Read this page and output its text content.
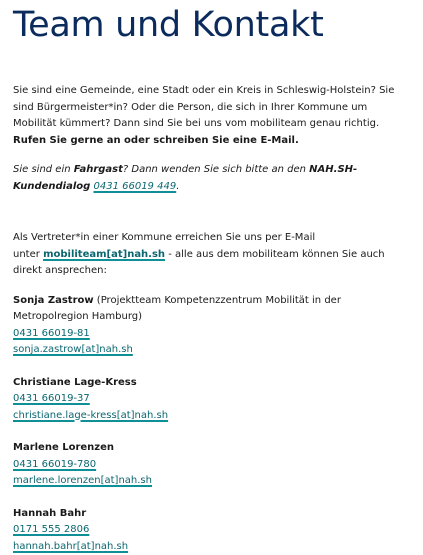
Team und Kontakt

Sie sind eine Gemeinde, eine Stadt oder ein Kreis in Schleswig-Holstein? Sie sind Bürgermeister*in? Oder die Person, die sich in Ihrer Kommune um Mobilität kümmert? Dann sind Sie bei uns vom mobiliteam genau richtig. Rufen Sie gerne an oder schreiben Sie eine E-Mail.

Sie sind ein Fahrgast? Dann wenden Sie sich bitte an den NAH.SH-Kundendialog 0431 66019 449.

Als Vertreter*in einer Kommune erreichen Sie uns per E-Mail
unter mobiliteam[at]nah.sh - alle aus dem mobiliteam können Sie auch direkt ansprechen:

Sonja Zastrow (Projektteam Kompetenzzentrum Mobilität in der Metropolregion Hamburg)
0431 66019-81
sonja.zastrow[at]nah.sh
Christiane Lage-Kress
0431 66019-37
christiane.lage-kress[at]nah.sh
Marlene Lorenzen
0431 66019-780
marlene.lorenzen[at]nah.sh
Hannah Bahr
0171 555 2806
hannah.bahr[at]nah.sh
